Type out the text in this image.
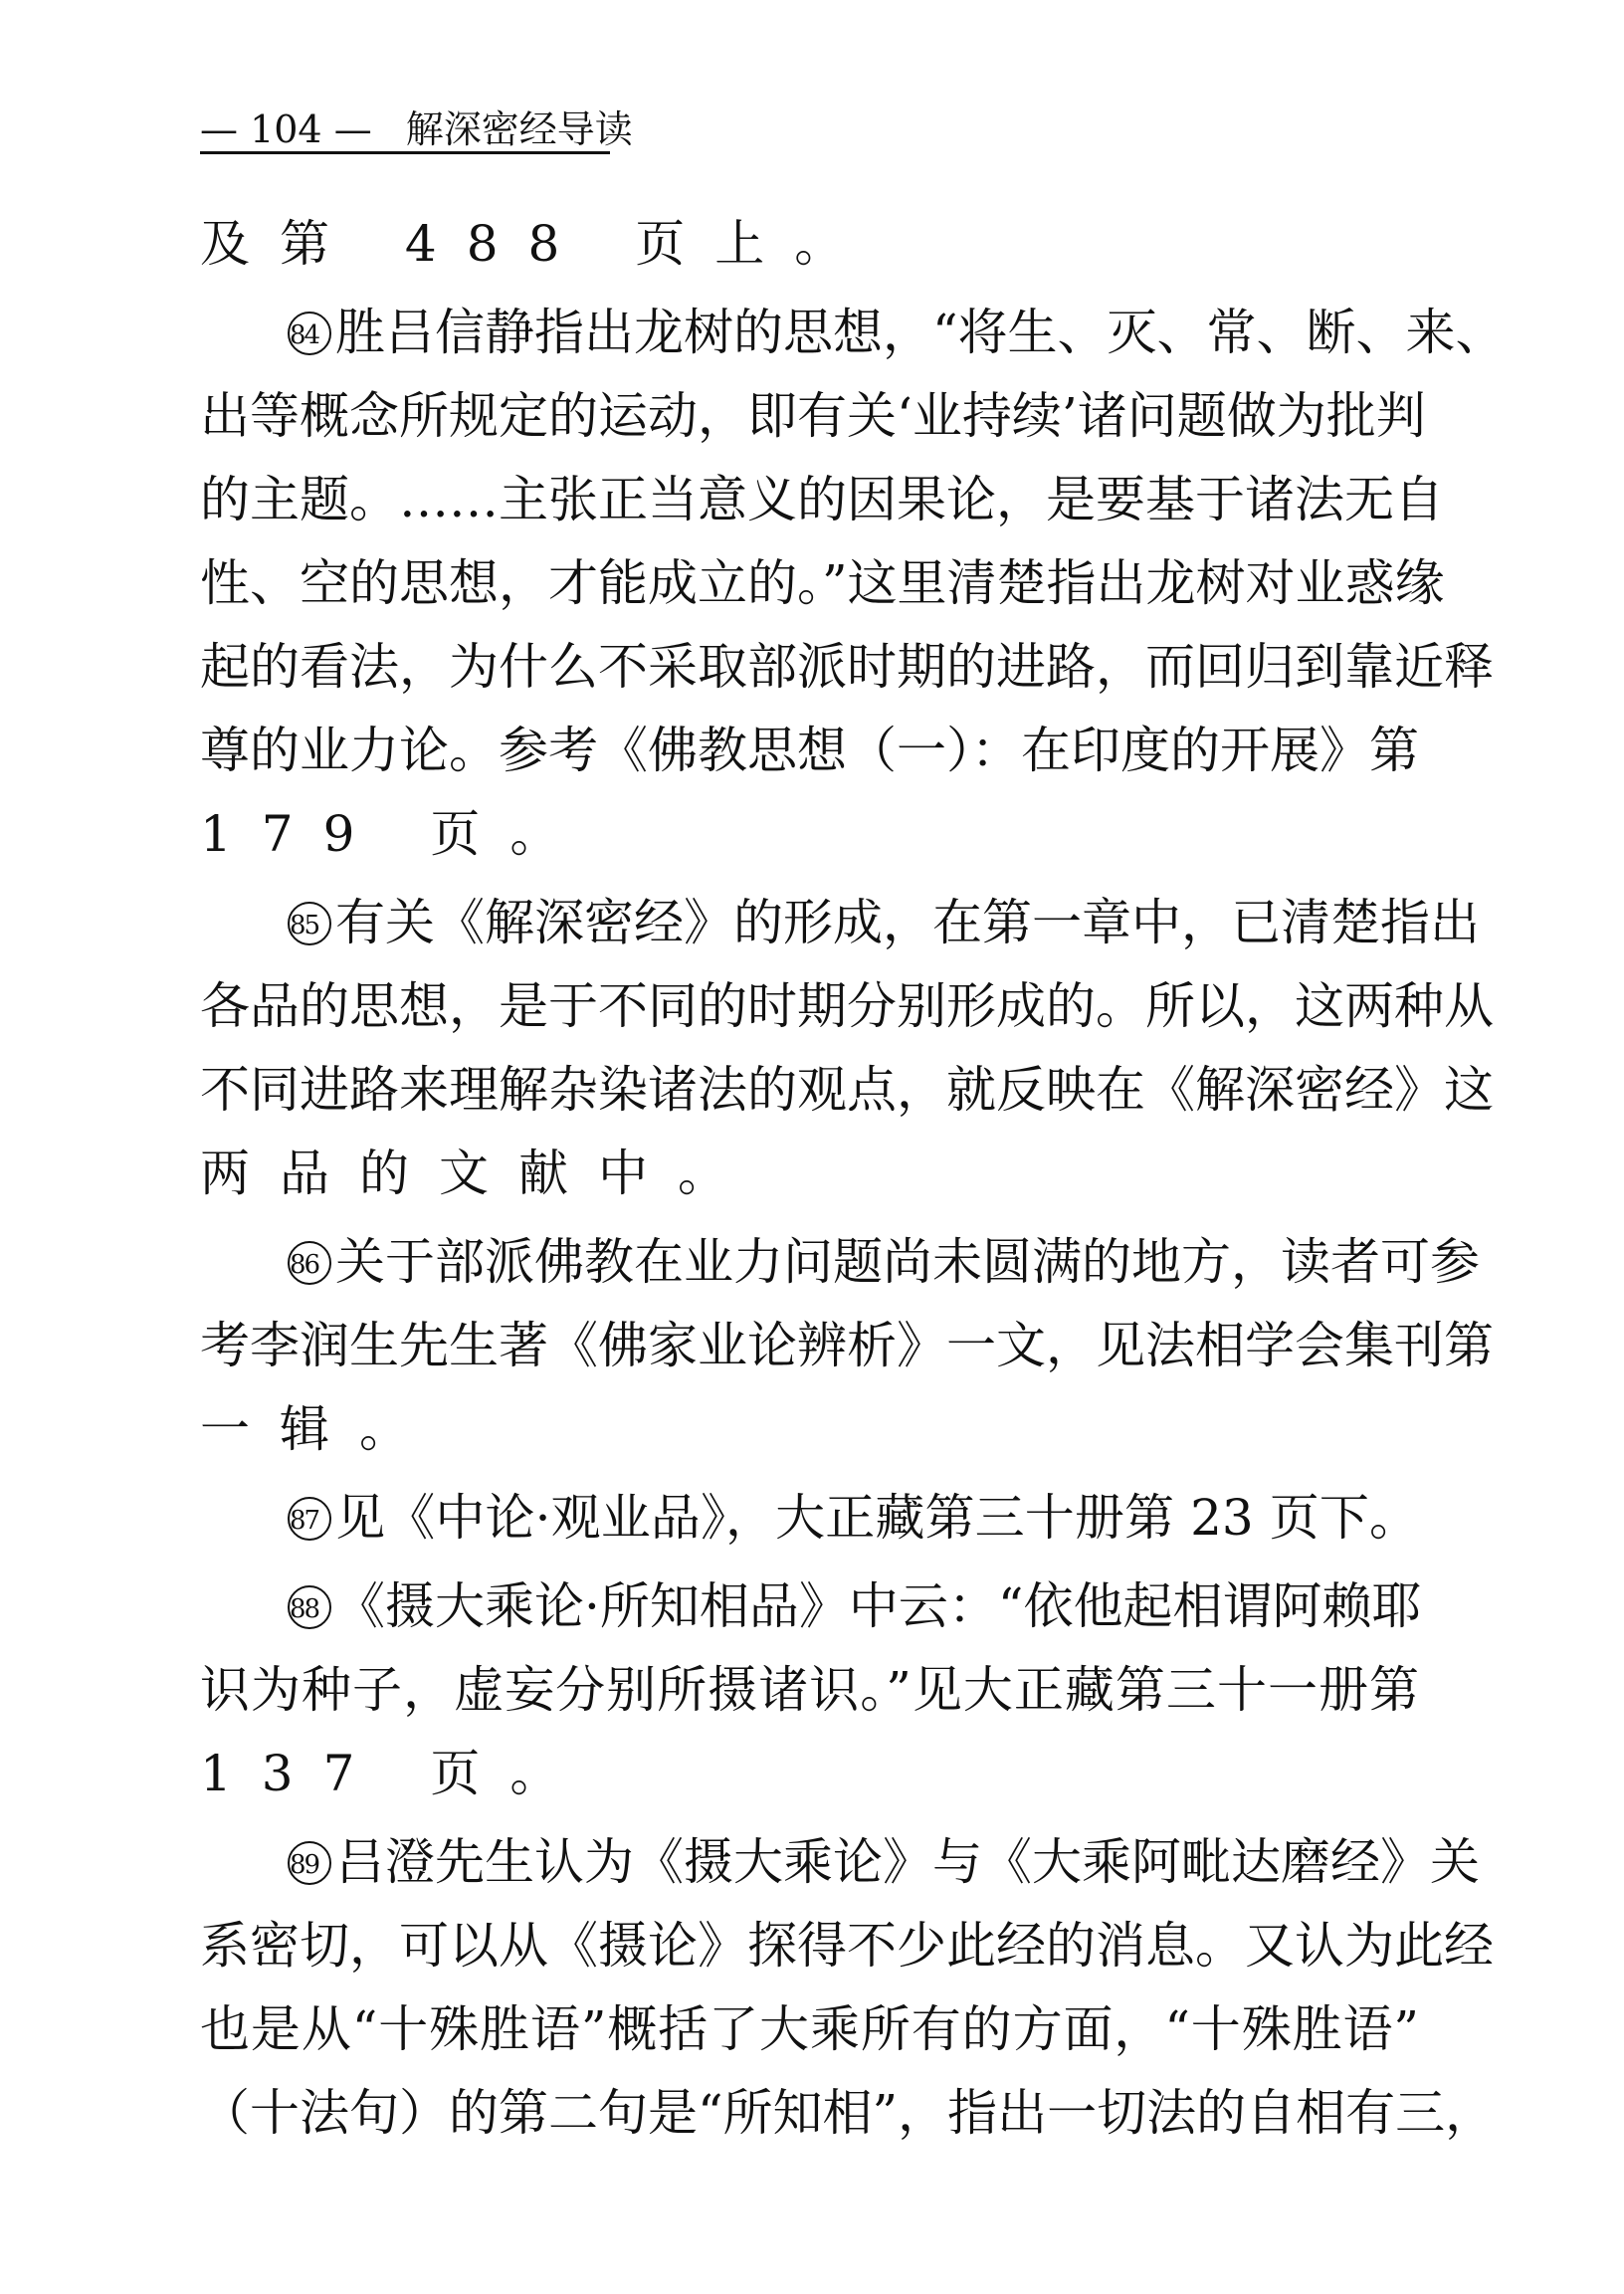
— 104 — 解深密经导读
及第 488 页上。
84 胜吕信静指出龙树的思想，“将生、灭、常、断、来、
出等概念所规定的运动，即有关‘业持续’诸问题做为批判
的主题。……主张正当意义的因果论，是要基于诸法无自
性、空的思想，才能成立的。”这里清楚指出龙树对业惑缘
起的看法，为什么不采取部派时期的进路，而回归到靠近释
尊的业力论。参考《佛教思想（一）：在印度的开展》第
179 页。
85 有关《解深密经》的形成，在第一章中，已清楚指出
各品的思想，是于不同的时期分别形成的。所以，这两种从
不同进路来理解杂染诸法的观点，就反映在《解深密经》这
两品的文献中。
86 关于部派佛教在业力问题尚未圆满的地方，读者可参
考李润生先生著《佛家业论辨析》一文，见法相学会集刊第
一辑。
87 见《中论·观业品》，大正藏第三十册第 23 页下。
88 《摄大乘论·所知相品》中云：“依他起相谓阿赖耶
识为种子，虚妄分别所摄诸识。”见大正藏第三十一册第
137 页。
89 吕澄先生认为《摄大乘论》与《大乘阿毗达磨经》关
系密切，可以从《摄论》探得不少此经的消息。又认为此经
也是从“十殊胜语”概括了大乘所有的方面，“十殊胜语”
（十法句）的第二句是“所知相”，指出一切法的自相有三，
